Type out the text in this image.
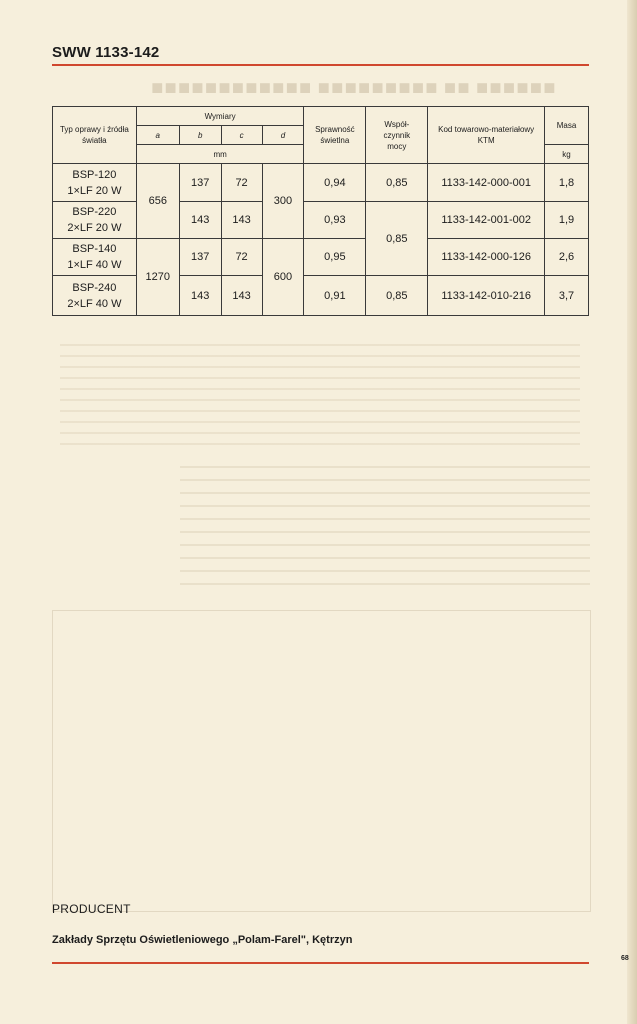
◼◼◼◼◼◼ ◼◼ ◼◼◼◼◼◼◼◼◼ ◼◼◼◼◼◼◼◼◼◼◼◼
SWW 1133-142
Typ oprawy i źródła światła	Wymiary				Sprawność świetlna	Współ-czynnik mocy	Kod towarowo-materiałowy KTM	Masa
	a	b	c	d				
	mm							kg

BSP-120
1×LF 20 W	656	137	72	300	0,94	0,85	1133-142-000-001	1,8

BSP-220
2×LF 20 W		143	143		0,93	0,85	1133-142-001-002	1,9

BSP-140
1×LF 40 W	1270	137	72	600	0,95		1133-142-000-126	2,6

BSP-240
2×LF 40 W		143	143		0,91	0,85	1133-142-010-216	3,7
PRODUCENT
Zakłady Sprzętu Oświetleniowego „Polam-Farel", Kętrzyn
68
